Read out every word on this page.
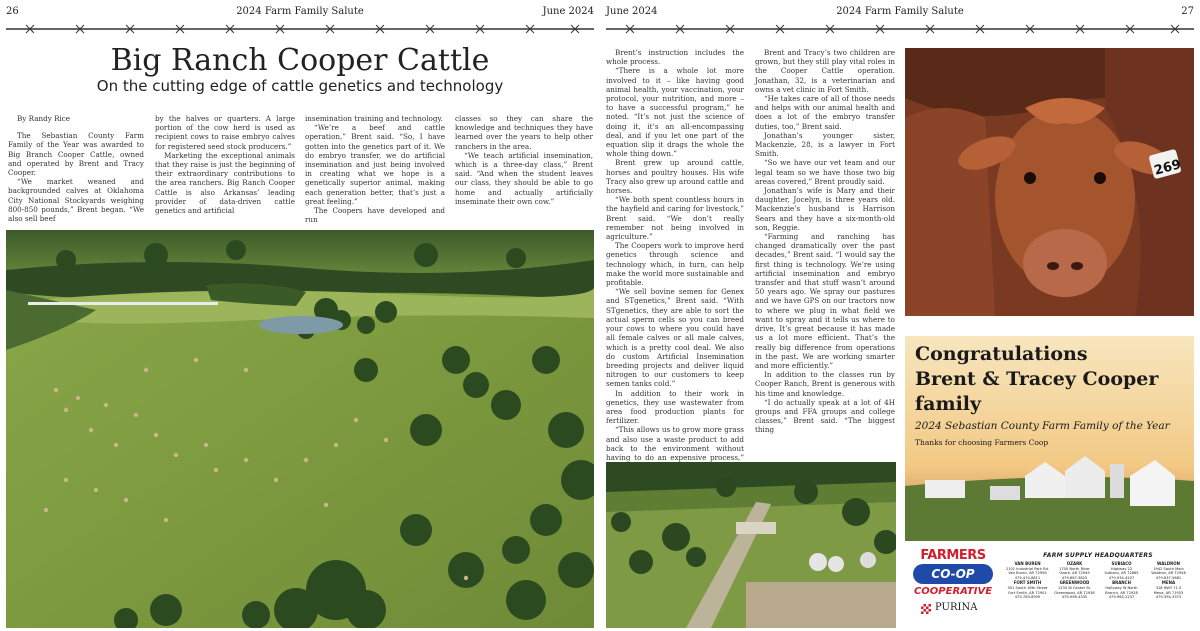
26	2024 Farm Family Salute	June 2024
Big Ranch Cooper Cattle
On the cutting edge of cattle genetics and technology

By Randy Rice

The Sebastian County Farm Family of the Year was awarded to Big Branch Cooper Cattle, owned and operated by Brent and Tracy Cooper.

“We market weaned and backgrounded calves at Oklahoma City National Stockyards weighing 800-850 pounds,” Brent began. “We also sell beef

by the halves or quarters. A large portion of the cow herd is used as recipient cows to raise embryo calves for registered seed stock producers.”

Marketing the exceptional animals that they raise is just the beginning of their extraordinary contributions to the area ranchers. Big Ranch Cooper Cattle is also Arkansas’ leading provider of data-driven cattle genetics and artificial

insemination training and technology.

“We’re a beef and cattle operation,” Brent said. “So, I have gotten into the genetics part of it. We do embryo transfer, we do artificial insemination and just being involved in creating what we hope is a genetically superior animal, making each generation better, that’s just a great feeling.”

The Coopers have developed and run

classes so they can share the knowledge and techniques they have learned over the years to help other ranchers in the area.

“We teach artificial insemination, which is a three-day class,” Brent said. “And when the student leaves our class, they should be able to go home and actually artificially inseminate their own cow.”

June 2024	2024 Farm Family Salute	27

Brent’s instruction includes the whole process.

“There is a whole lot more involved to it – like having good animal health, your vaccination, your protocol, your nutrition, and more – to have a successful program,” he noted. “It’s not just the science of doing it, it’s an all-encompassing deal, and if you let one part of the equation slip it drags the whole the whole thing down.”

Brent grew up around cattle, horses and poultry houses. His wife Tracy also grew up around cattle and horses.

“We both spent countless hours in the hayfield and caring for livestock,” Brent said. “We don’t really remember not being involved in agriculture.”

The Coopers work to improve herd genetics through science and technology which, in turn, can help make the world more sustainable and profitable.

“We sell bovine semen for Genex and STgenetics,” Brent said. “With STgenetics, they are able to sort the actual sperm cells so you can breed your cows to where you could have all female calves or all male calves, which is a pretty cool deal. We also do custom Artificial Insemination breeding projects and deliver liquid nitrogen to our customers to keep semen tanks cold.”

In addition to their work in genetics, they use wastewater from area food production plants for fertilizer.

“This allows us to grow more grass and also use a waste product to add back to the environment without having to do an expensive process,”

Brent and Tracy’s two children are grown, but they still play vital roles in the Cooper Cattle operation. Jonathan, 32, is a veterinarian and owns a vet clinic in Fort Smith.

“He takes care of all of those needs and helps with our animal health and does a lot of the embryo transfer duties, too,” Brent said.

Jonathan’s younger sister, Mackenzie, 28, is a lawyer in Fort Smith.

“So we have our vet team and our legal team so we have those two big areas covered,” Brent proudly said.

Jonathan’s wife is Mary and their daughter, Jocelyn, is three years old. Mackenzie’s husband is Harrison Sears and they have a six-month-old son, Reggie.

“Farming and ranching has changed dramatically over the past decades,” Brent said. “I would say the first thing is technology. We’re using artificial insemination and embryo transfer and that stuff wasn’t around 50 years ago. We spray our pastures and we have GPS on our tractors now to where we plug in what field we want to spray and it tells us where to drive. It’s great because it has made us a lot more efficient. That’s the really big difference from operations in the past. We are working smarter and more efficiently.”

In addition to the classes run by Cooper Ranch, Brent is generous with his time and knowledge.

“I do actually speak at a lot of 4H groups and FFA groups and college classes,” Brent said. “The biggest thing

269
Congratulations
Brent & Tracey Cooper
family
2024 Sebastian County Farm Family of the Year
Thanks for choosing Farmers Coop
FARMERS
CO-OP
COOPERATIVE
PURINA
FARM SUPPLY HEADQUARTERS
VAN BUREN
2101 Industrial Park Rd.
Van Buren, AR 72956
479-474-8811
OZARK
1700 North River
Ozark, AR 72949
479-667-3825
SUBIACO
Highway 22
Subiaco, AR 72865
479-934-4207
WALDRON
1942 South Main
Waldron, AR 72958
479-637-5681
FORT SMITH
301 South 18th Street
Fort Smith, AR 72901
479-783-8959
GREENWOOD
1235 W Center St.
Greenwood, AR 72936
479-996-4335
BRANCH
Hollyway W North
Branch, AR 72928
479-965-2237
MENA
318 HWY 71 S
Mena, AR 71953
479-394-3373
